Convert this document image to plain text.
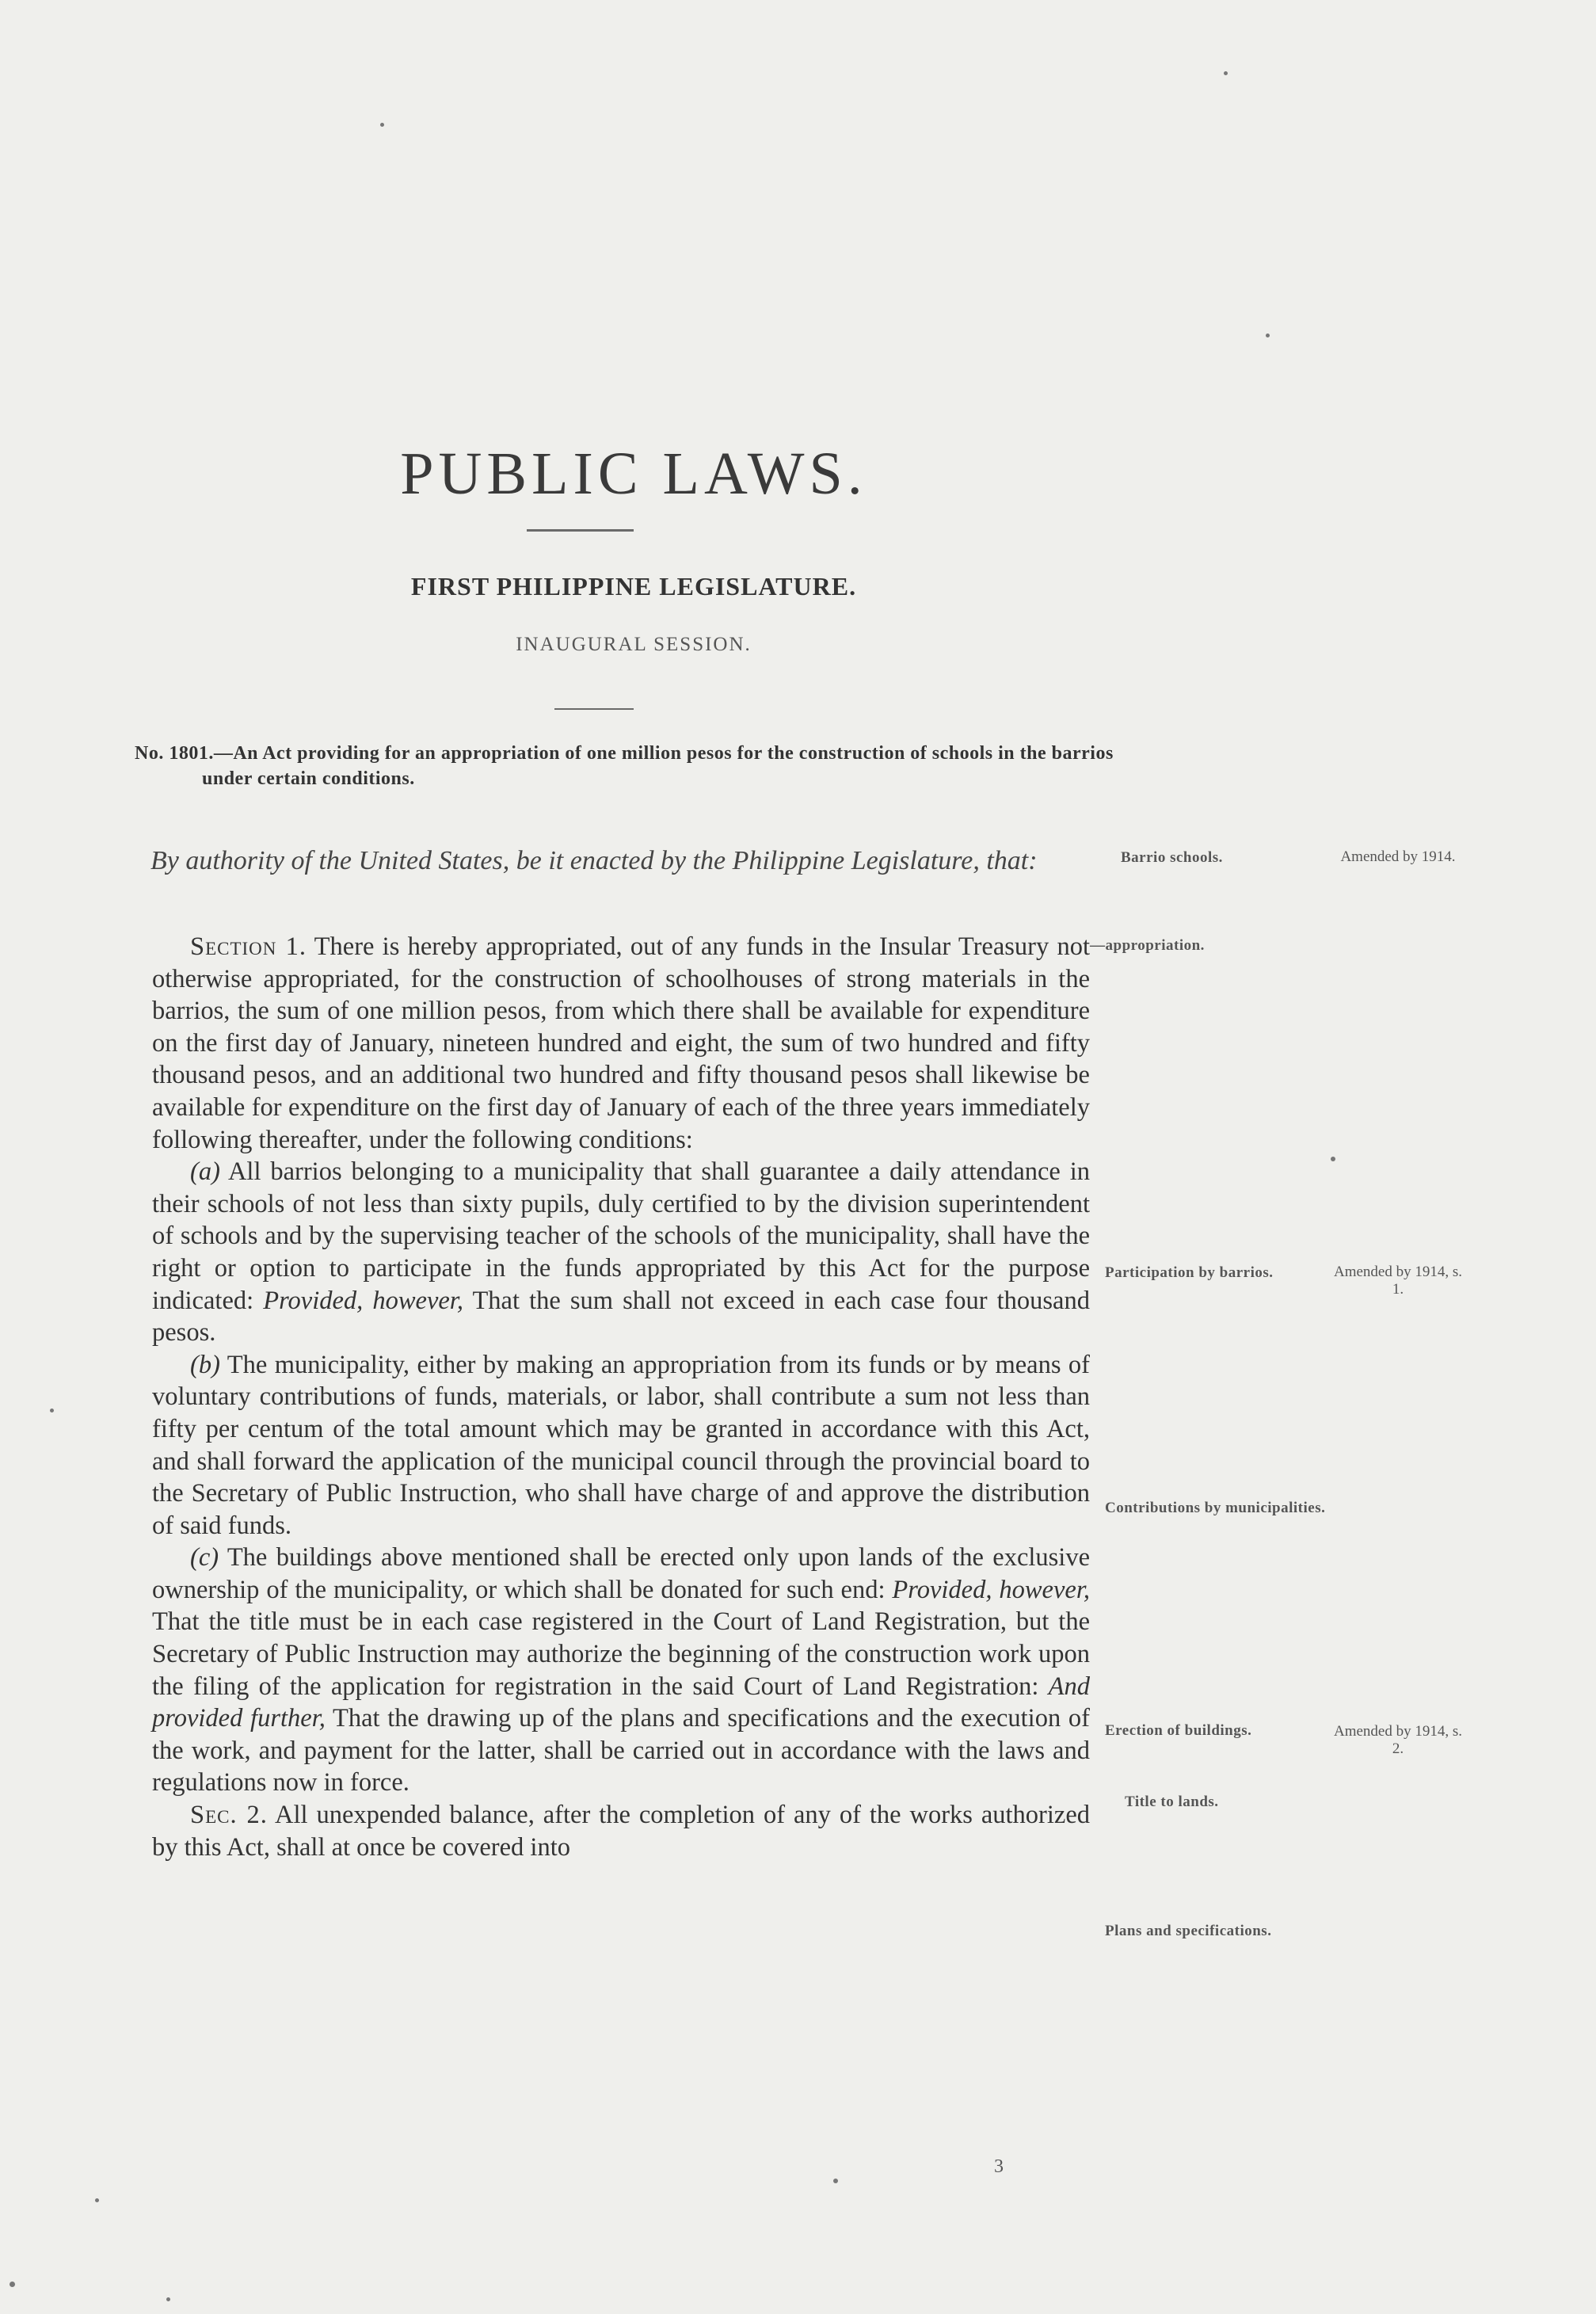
PUBLIC LAWS.
FIRST PHILIPPINE LEGISLATURE.
INAUGURAL SESSION.
No. 1801.—An Act providing for an appropriation of one million pesos for the construction of schools in the barrios under certain conditions.
By authority of the United States, be it enacted by the Philippine Legislature, that:

Section 1. There is hereby appropriated, out of any funds in the Insular Treasury not otherwise appropriated, for the construction of schoolhouses of strong materials in the barrios, the sum of one million pesos, from which there shall be available for expenditure on the first day of January, nineteen hundred and eight, the sum of two hundred and fifty thousand pesos, and an additional two hundred and fifty thousand pesos shall likewise be available for expenditure on the first day of January of each of the three years immediately following thereafter, under the following conditions:

(a) All barrios belonging to a municipality that shall guarantee a daily attendance in their schools of not less than sixty pupils, duly certified to by the division superintendent of schools and by the supervising teacher of the schools of the municipality, shall have the right or option to participate in the funds appropriated by this Act for the purpose indicated: Provided, however, That the sum shall not exceed in each case four thousand pesos.

(b) The municipality, either by making an appropriation from its funds or by means of voluntary contributions of funds, materials, or labor, shall contribute a sum not less than fifty per centum of the total amount which may be granted in accordance with this Act, and shall forward the application of the municipal council through the provincial board to the Secretary of Public Instruction, who shall have charge of and approve the distribution of said funds.

(c) The buildings above mentioned shall be erected only upon lands of the exclusive ownership of the municipality, or which shall be donated for such end: Provided, however, That the title must be in each case registered in the Court of Land Registration, but the Secretary of Public Instruction may authorize the beginning of the construction work upon the filing of the application for registration in the said Court of Land Registration: And provided further, That the drawing up of the plans and specifications and the execution of the work, and payment for the latter, shall be carried out in accordance with the laws and regulations now in force.

Sec. 2. All unexpended balance, after the completion of any of the works authorized by this Act, shall at once be covered into

3
Barrio schools.
—appropriation.
Participation by barrios.
Contributions by municipalities.
Erection of buildings.
Title to lands.
Plans and specifications.
Amended by 1914.
Amended by 1914, s. 1.
Amended by 1914, s. 2.
